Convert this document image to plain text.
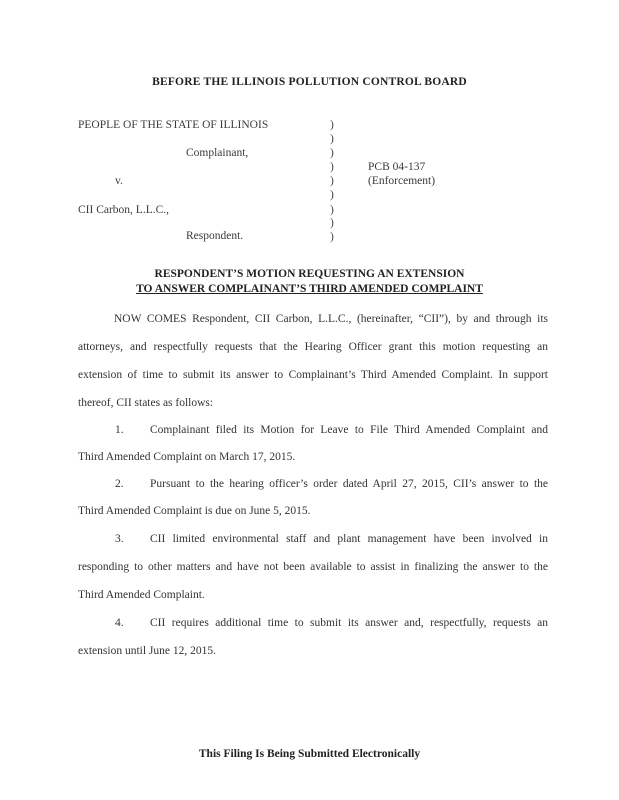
BEFORE THE ILLINOIS POLLUTION CONTROL BOARD
PEOPLE OF THE STATE OF ILLINOIS
Complainant,
v.
CII Carbon, L.L.C.,
Respondent.
PCB 04-137
(Enforcement)
)
)
)
)
)
)
)
)
)
RESPONDENT’S MOTION REQUESTING AN EXTENSION
TO ANSWER COMPLAINANT’S THIRD AMENDED COMPLAINT
NOW COMES Respondent, CII Carbon, L.L.C., (hereinafter, “CII”), by and through its
attorneys, and respectfully requests that the Hearing Officer grant this motion requesting an
extension of time to submit its answer to Complainant’s Third Amended Complaint. In support
thereof, CII states as follows:
1. Complainant filed its Motion for Leave to File Third Amended Complaint and
Third Amended Complaint on March 17, 2015.
2. Pursuant to the hearing officer’s order dated April 27, 2015, CII’s answer to the
Third Amended Complaint is due on June 5, 2015.
3. CII limited environmental staff and plant management have been involved in
responding to other matters and have not been available to assist in finalizing the answer to the
Third Amended Complaint.
4. CII requires additional time to submit its answer and, respectfully, requests an
extension until June 12, 2015.
This Filing Is Being Submitted Electronically
